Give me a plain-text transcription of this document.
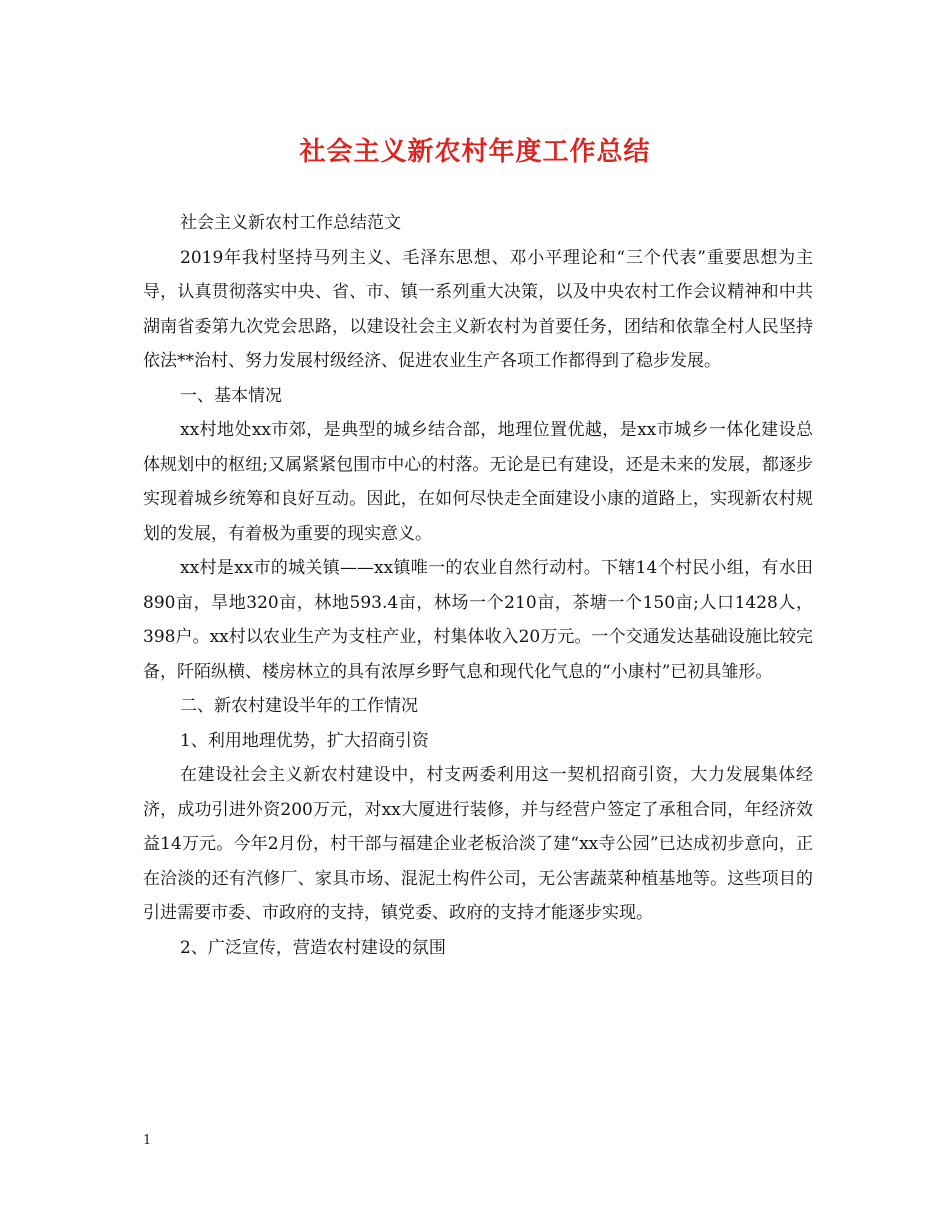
社会主义新农村年度工作总结

社会主义新农村工作总结范文

2019年我村坚持马列主义、毛泽东思想、邓小平理论和“三个代表”重要思想为主导，认真贯彻落实中央、省、市、镇一系列重大决策，以及中央农村工作会议精神和中共湖南省委第九次党会思路，以建设社会主义新农村为首要任务，团结和依靠全村人民坚持依法**治村、努力发展村级经济、促进农业生产各项工作都得到了稳步发展。

一、基本情况

xx村地处xx市郊，是典型的城乡结合部，地理位置优越，是xx市城乡一体化建设总体规划中的枢纽;又属紧紧包围市中心的村落。无论是已有建设，还是未来的发展，都逐步实现着城乡统筹和良好互动。因此，在如何尽快走全面建设小康的道路上，实现新农村规划的发展，有着极为重要的现实意义。

xx村是xx市的城关镇——xx镇唯一的农业自然行动村。下辖14个村民小组，有水田890亩，旱地320亩，林地593.4亩，林场一个210亩，茶塘一个150亩;人口1428人，398户。xx村以农业生产为支柱产业，村集体收入20万元。一个交通发达基础设施比较完备，阡陌纵横、楼房林立的具有浓厚乡野气息和现代化气息的“小康村”已初具雏形。

二、新农村建设半年的工作情况

1、利用地理优势，扩大招商引资

在建设社会主义新农村建设中，村支两委利用这一契机招商引资，大力发展集体经济，成功引进外资200万元，对xx大厦进行装修，并与经营户签定了承租合同，年经济效益14万元。今年2月份，村干部与福建企业老板洽淡了建“xx寺公园”已达成初步意向，正在洽淡的还有汽修厂、家具市场、混泥土构件公司，无公害蔬菜种植基地等。这些项目的引进需要市委、市政府的支持，镇党委、政府的支持才能逐步实现。

2、广泛宣传，营造农村建设的氛围

1
